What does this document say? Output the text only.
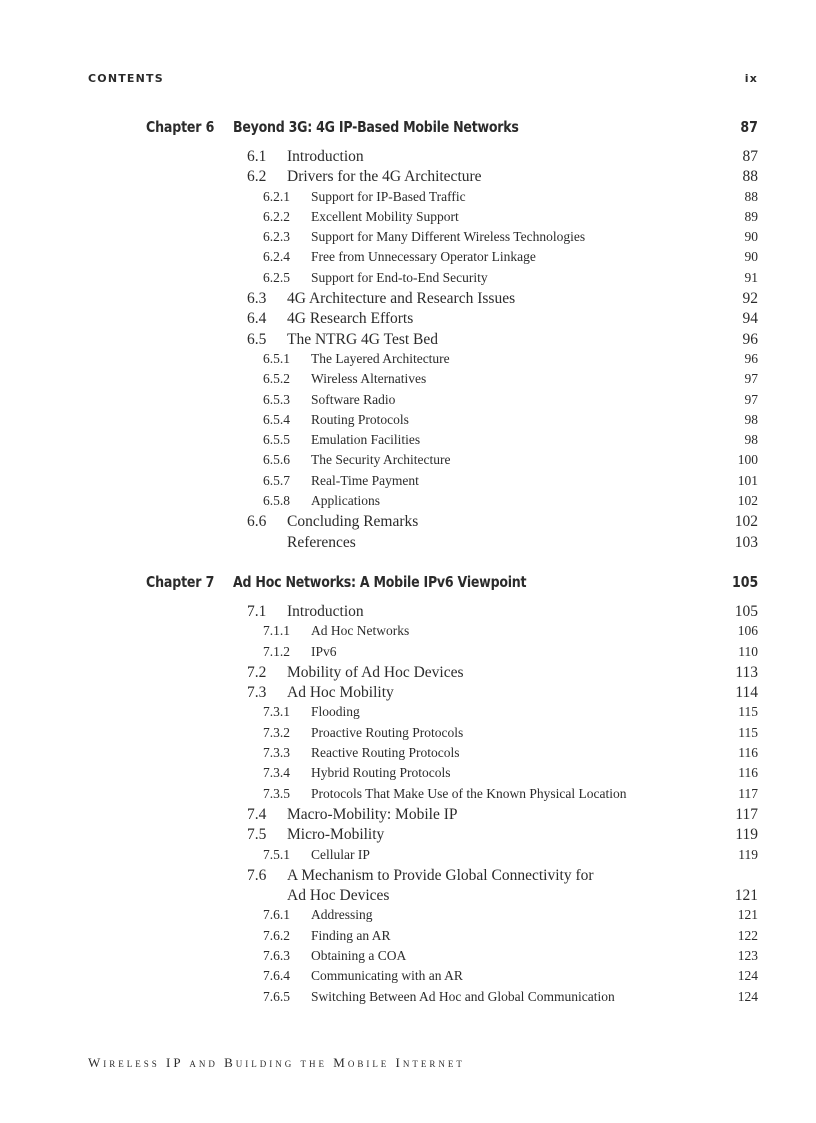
CONTENTS	ix
Chapter 6	Beyond 3G: 4G IP-Based Mobile Networks	87
6.1 Introduction	87
6.2 Drivers for the 4G Architecture	88
6.2.1 Support for IP-Based Traffic	88
6.2.2 Excellent Mobility Support	89
6.2.3 Support for Many Different Wireless Technologies	90
6.2.4 Free from Unnecessary Operator Linkage	90
6.2.5 Support for End-to-End Security	91
6.3 4G Architecture and Research Issues	92
6.4 4G Research Efforts	94
6.5 The NTRG 4G Test Bed	96
6.5.1 The Layered Architecture	96
6.5.2 Wireless Alternatives	97
6.5.3 Software Radio	97
6.5.4 Routing Protocols	98
6.5.5 Emulation Facilities	98
6.5.6 The Security Architecture	100
6.5.7 Real-Time Payment	101
6.5.8 Applications	102
6.6 Concluding Remarks	102
References	103
Chapter 7	Ad Hoc Networks: A Mobile IPv6 Viewpoint	105
7.1 Introduction	105
7.1.1 Ad Hoc Networks	106
7.1.2 IPv6	110
7.2 Mobility of Ad Hoc Devices	113
7.3 Ad Hoc Mobility	114
7.3.1 Flooding	115
7.3.2 Proactive Routing Protocols	115
7.3.3 Reactive Routing Protocols	116
7.3.4 Hybrid Routing Protocols	116
7.3.5 Protocols That Make Use of the Known Physical Location	117
7.4 Macro-Mobility: Mobile IP	117
7.5 Micro-Mobility	119
7.5.1 Cellular IP	119
7.6 A Mechanism to Provide Global Connectivity for
Ad Hoc Devices	121
7.6.1 Addressing	121
7.6.2 Finding an AR	122
7.6.3 Obtaining a COA	123
7.6.4 Communicating with an AR	124
7.6.5 Switching Between Ad Hoc and Global Communication	124
Wireless IP and Building the Mobile Internet
